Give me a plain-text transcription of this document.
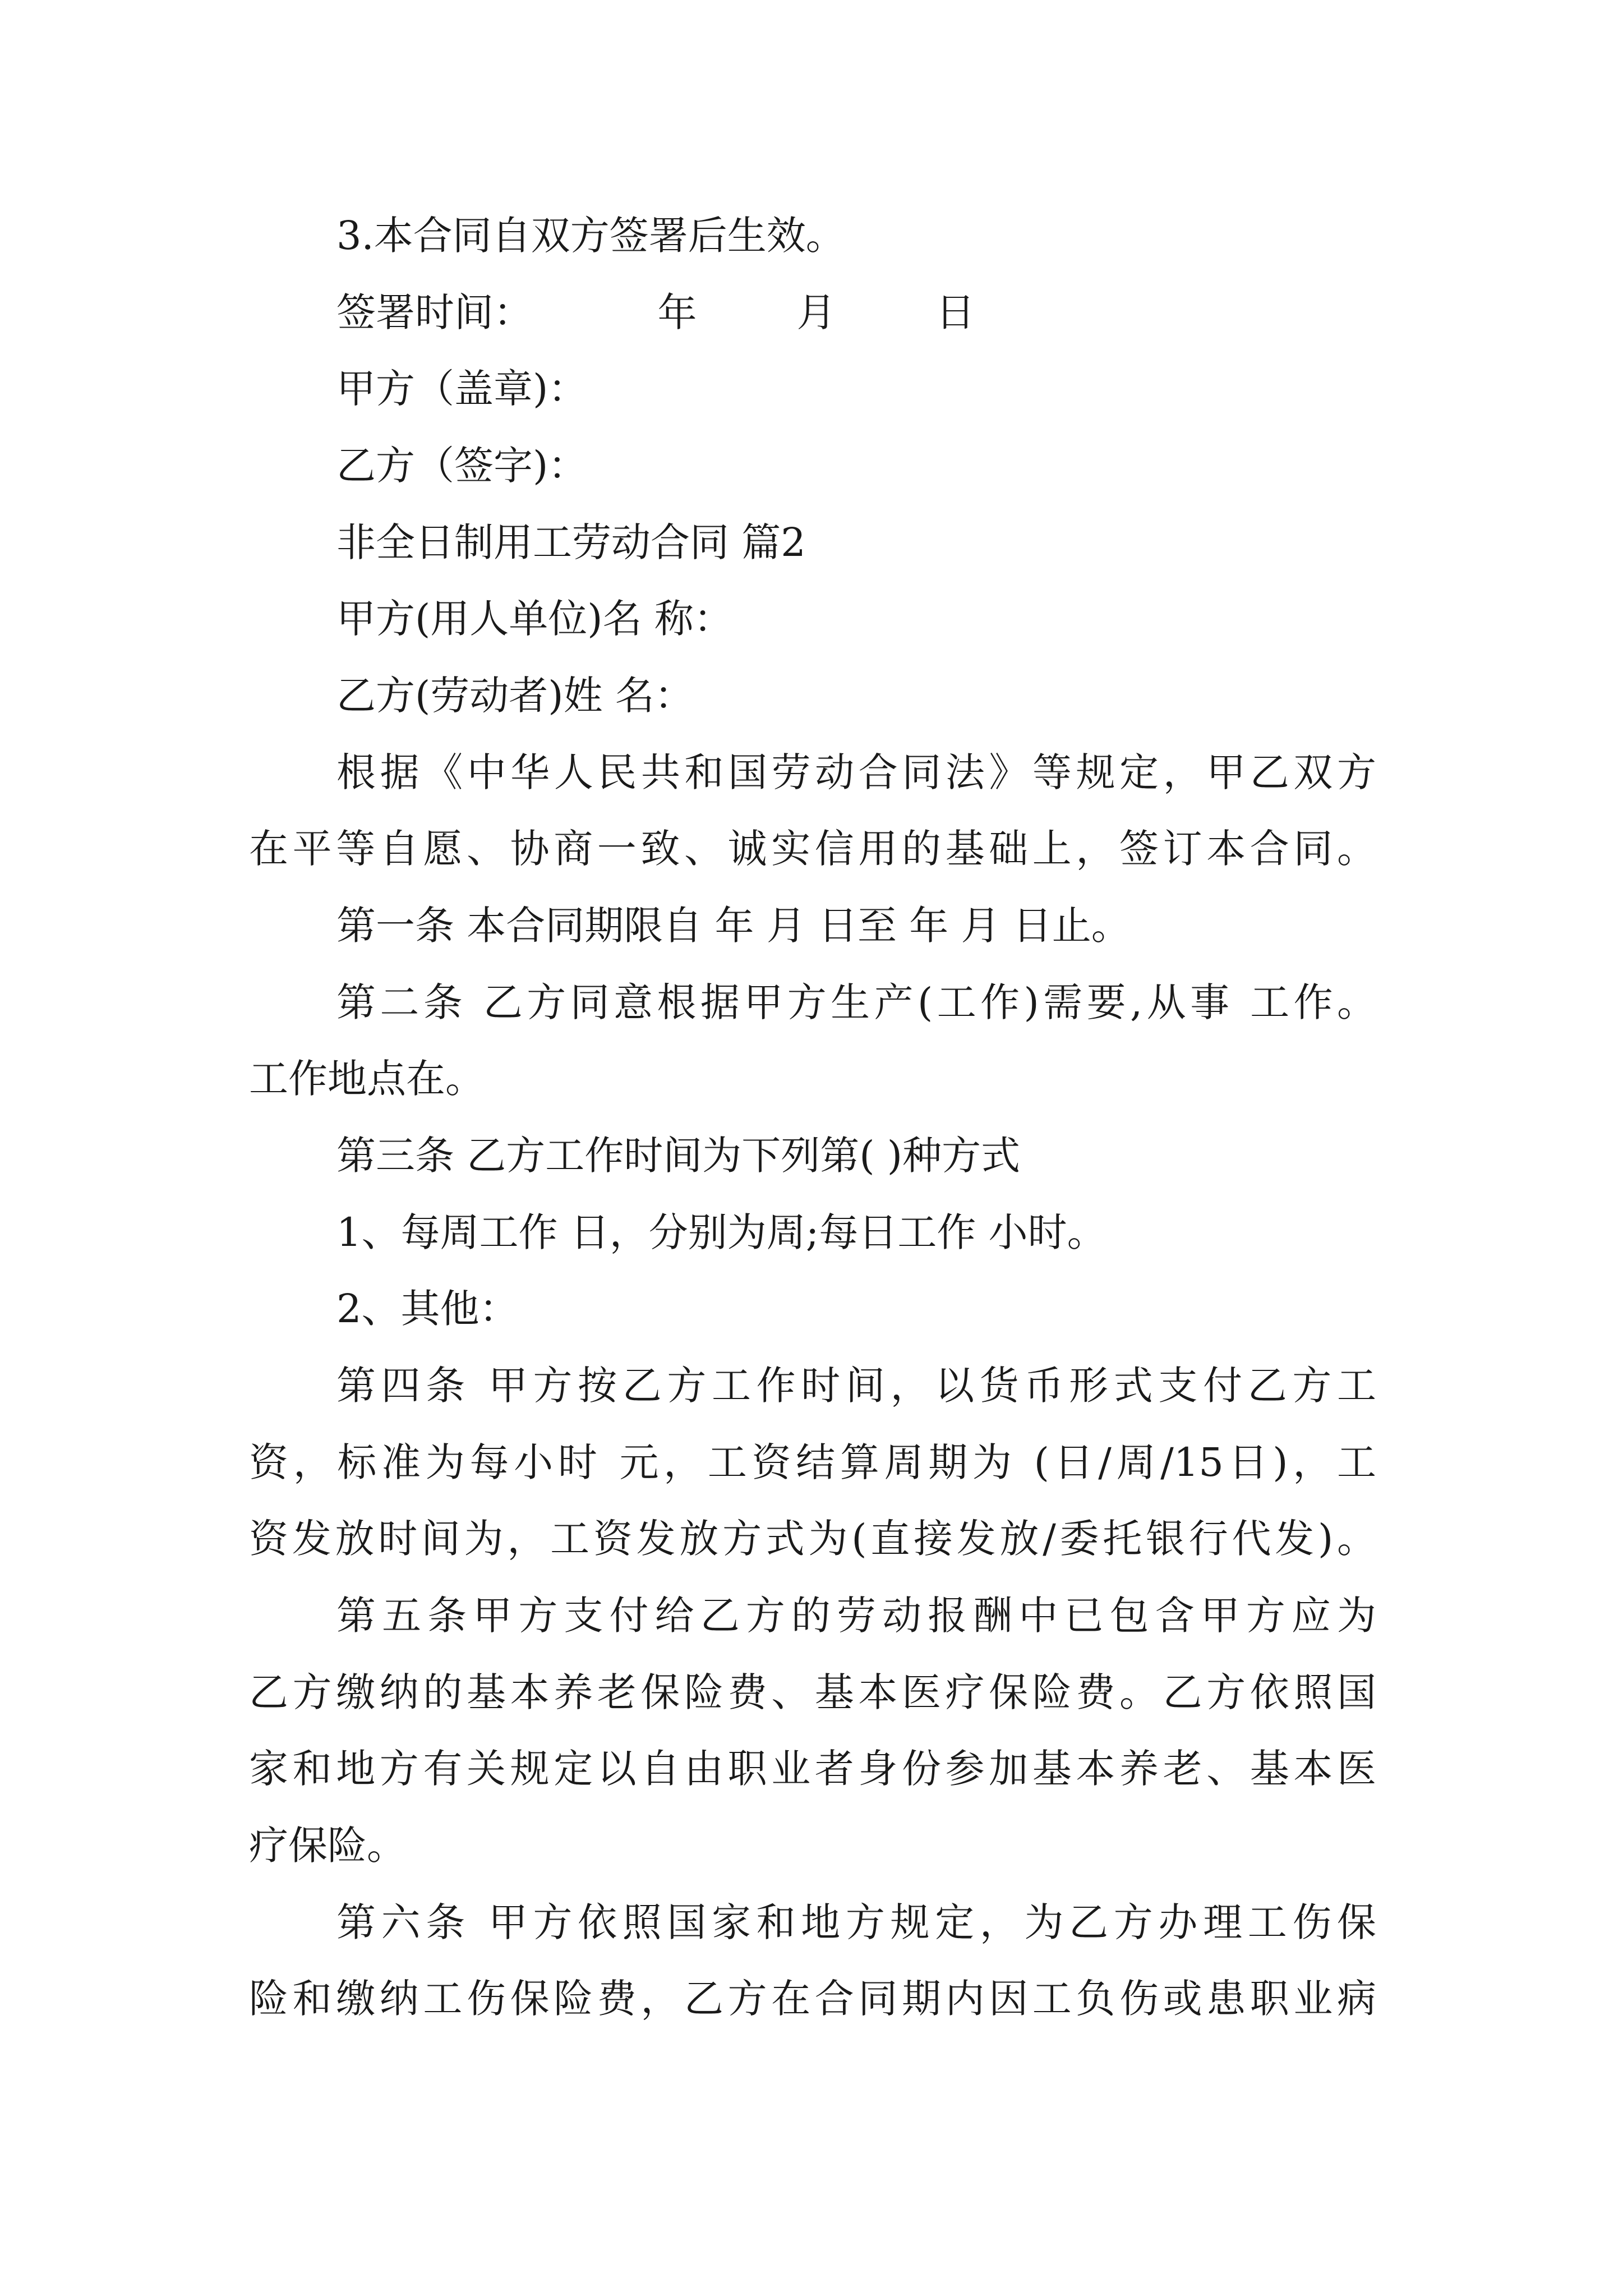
3.本合同自双方签署后生效。
签署时间：          年        月        日
甲方（盖章)：
乙方（签字)：
非全日制用工劳动合同 篇2
甲方(用人单位)名 称：
乙方(劳动者)姓 名：
根据《中华人民共和国劳动合同法》等规定，甲乙双方
在平等自愿、协商一致、诚实信用的基础上，签订本合同。
第一条 本合同期限自 年 月 日至 年 月 日止。
第二条 乙方同意根据甲方生产(工作)需要,从事 工作。
工作地点在。
第三条 乙方工作时间为下列第( )种方式
1、每周工作 日，分别为周;每日工作 小时。
2、其他：
第四条 甲方按乙方工作时间，以货币形式支付乙方工
资，标准为每小时 元，工资结算周期为 (日/周/15日)，工
资发放时间为，工资发放方式为(直接发放/委托银行代发)。
第五条甲方支付给乙方的劳动报酬中已包含甲方应为
乙方缴纳的基本养老保险费、基本医疗保险费。乙方依照国
家和地方有关规定以自由职业者身份参加基本养老、基本医
疗保险。
第六条 甲方依照国家和地方规定，为乙方办理工伤保
险和缴纳工伤保险费，乙方在合同期内因工负伤或患职业病
